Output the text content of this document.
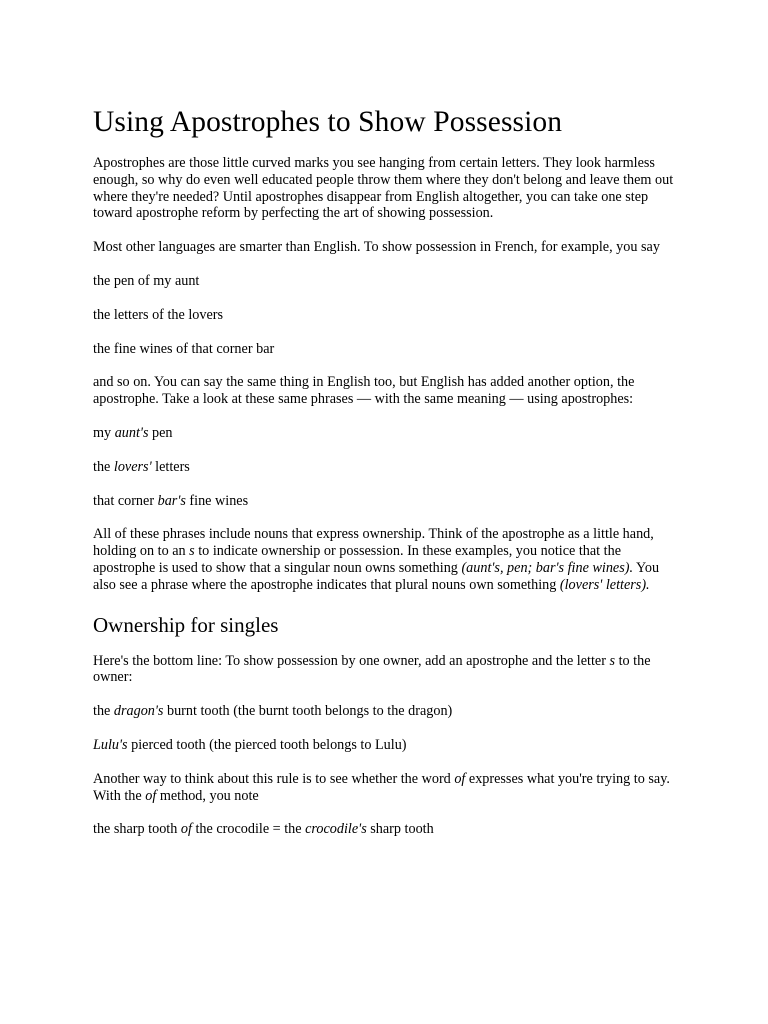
Using Apostrophes to Show Possession

Apostrophes are those little curved marks you see hanging from certain letters. They look harmless enough, so why do even well educated people throw them where they don't belong and leave them out where they're needed? Until apostrophes disappear from English altogether, you can take one step toward apostrophe reform by perfecting the art of showing possession.

Most other languages are smarter than English. To show possession in French, for example, you say

the pen of my aunt

the letters of the lovers

the fine wines of that corner bar

and so on. You can say the same thing in English too, but English has added another option, the apostrophe. Take a look at these same phrases — with the same meaning — using apostrophes:

my aunt's pen

the lovers' letters

that corner bar's fine wines

All of these phrases include nouns that express ownership. Think of the apostrophe as a little hand, holding on to an s to indicate ownership or possession. In these examples, you notice that the apostrophe is used to show that a singular noun owns something (aunt's, pen; bar's fine wines). You also see a phrase where the apostrophe indicates that plural nouns own something (lovers' letters).

Ownership for singles

Here's the bottom line: To show possession by one owner, add an apostrophe and the letter s to the owner:

the dragon's burnt tooth (the burnt tooth belongs to the dragon)

Lulu's pierced tooth (the pierced tooth belongs to Lulu)

Another way to think about this rule is to see whether the word of expresses what you're trying to say. With the of method, you note

the sharp tooth of the crocodile = the crocodile's sharp tooth
